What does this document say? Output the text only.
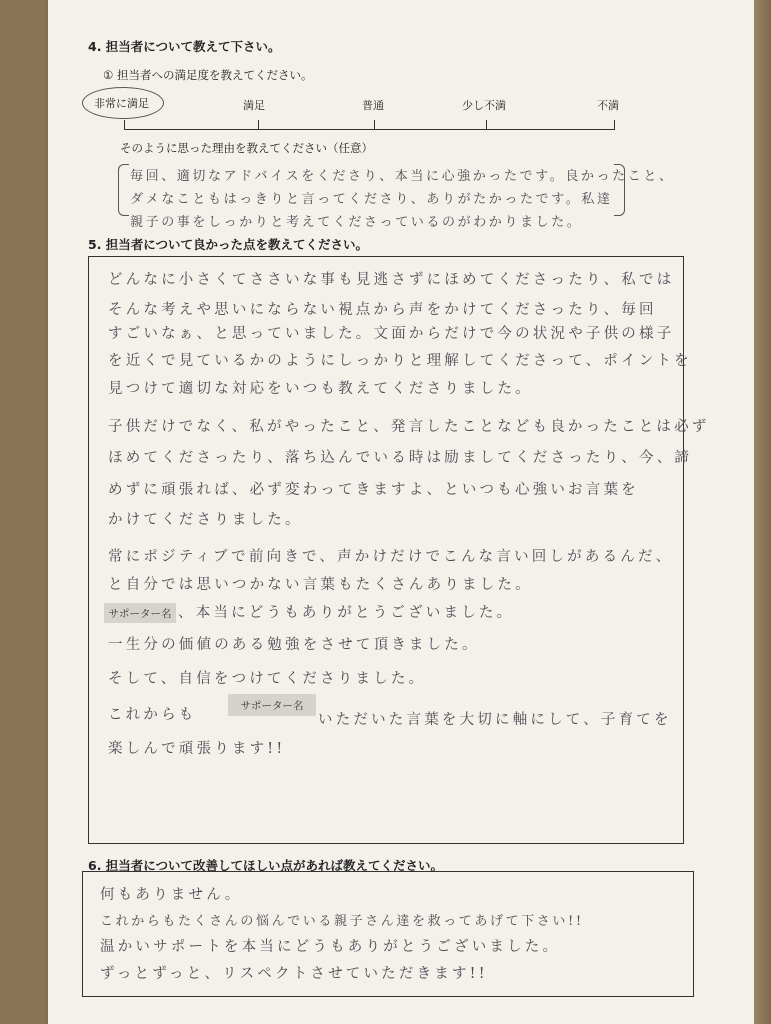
4. 担当者について教えて下さい。
① 担当者への満足度を教えてください。
非常に満足	満足	普通	少し不満	不満
そのように思った理由を教えてください（任意）
毎回、適切なアドバイスをくださり、本当に心強かったです。良かったこと、
ダメなこともはっきりと言ってくださり、ありがたかったです。私達
親子の事をしっかりと考えてくださっているのがわかりました。
5. 担当者について良かった点を教えてください。
どんなに小さくてささいな事も見逃さずにほめてくださったり、私では
そんな考えや思いにならない視点から声をかけてくださったり、毎回
すごいなぁ、と思っていました。文面からだけで今の状況や子供の様子
を近くで見ているかのようにしっかりと理解してくださって、ポイントを
見つけて適切な対応をいつも教えてくださりました。
子供だけでなく、私がやったこと、発言したことなども良かったことは必ず
ほめてくださったり、落ち込んでいる時は励ましてくださったり、今、諦
めずに頑張れば、必ず変わってきますよ、といつも心強いお言葉を
かけてくださりました。
常にポジティブで前向きで、声かけだけでこんな言い回しがあるんだ、
と自分では思いつかない言葉もたくさんありました。
サポーター名 、本当にどうもありがとうございました。
一生分の価値のある勉強をさせて頂きました。
そして、自信をつけてくださりました。
これからも
サポーター名
いただいた言葉を大切に軸にして、子育てを
楽しんで頑張ります!!
6. 担当者について改善してほしい点があれば教えてください。
何もありません。
これからもたくさんの悩んでいる親子さん達を救ってあげて下さい!!
温かいサポートを本当にどうもありがとうございました。
ずっとずっと、リスペクトさせていただきます!!
